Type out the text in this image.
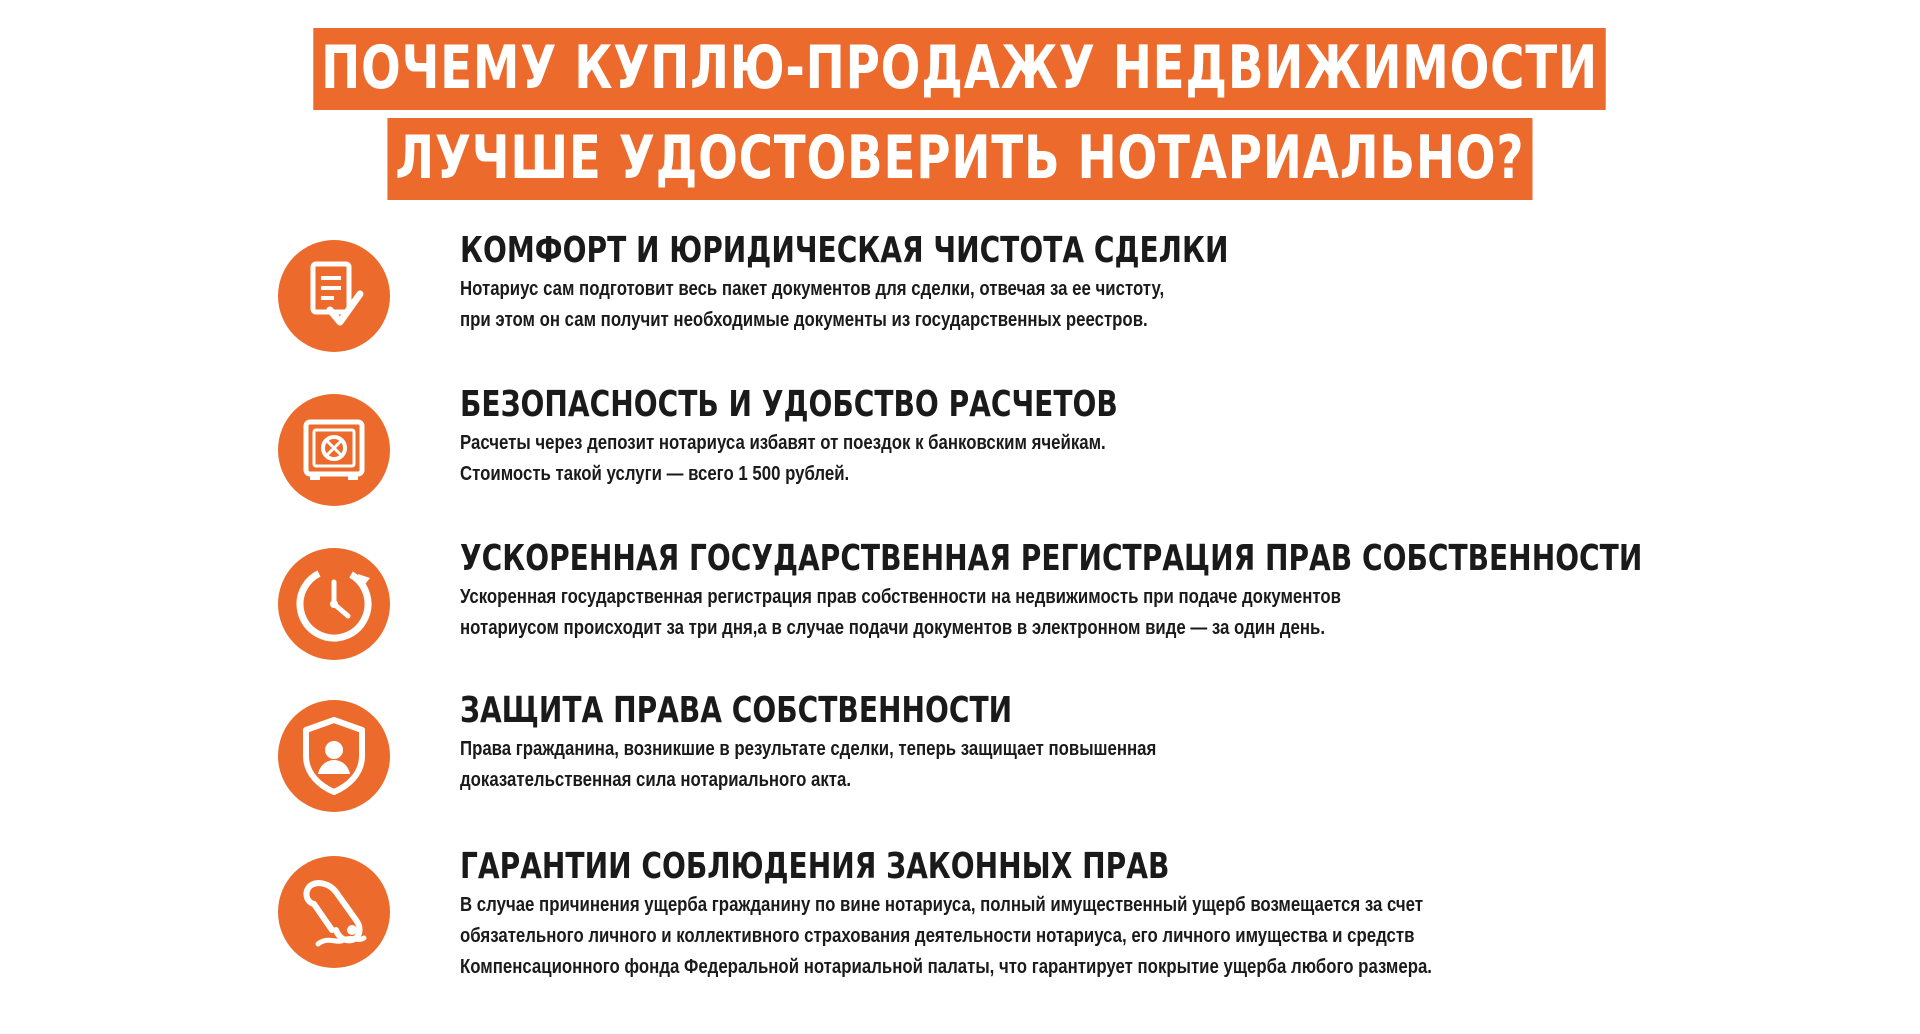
ПОЧЕМУ КУПЛЮ-ПРОДАЖУ НЕДВИЖИМОСТИ
ЛУЧШЕ УДОСТОВЕРИТЬ НОТАРИАЛЬНО?
КОМФОРТ И ЮРИДИЧЕСКАЯ ЧИСТОТА СДЕЛКИ
Нотариус сам подготовит весь пакет документов для сделки, отвечая за ее чистоту,
при этом он сам получит необходимые документы из государственных реестров.
БЕЗОПАСНОСТЬ И УДОБСТВО РАСЧЕТОВ
Расчеты через депозит нотариуса избавят от поездок к банковским ячейкам.
Стоимость такой услуги — всего 1 500 рублей.
УСКОРЕННАЯ ГОСУДАРСТВЕННАЯ РЕГИСТРАЦИЯ ПРАВ СОБСТВЕННОСТИ
Ускоренная государственная регистрация прав собственности на недвижимость при подаче документов
нотариусом происходит за три дня,а в случае подачи документов в электронном виде — за один день.
ЗАЩИТА ПРАВА СОБСТВЕННОСТИ
Права гражданина, возникшие в результате сделки, теперь защищает повышенная
доказательственная сила нотариального акта.
ГАРАНТИИ СОБЛЮДЕНИЯ ЗАКОННЫХ ПРАВ
В случае причинения ущерба гражданину по вине нотариуса, полный имущественный ущерб возмещается за счет
обязательного личного и коллективного страхования деятельности нотариуса, его личного имущества и средств
Компенсационного фонда Федеральной нотариальной палаты, что гарантирует покрытие ущерба любого размера.
